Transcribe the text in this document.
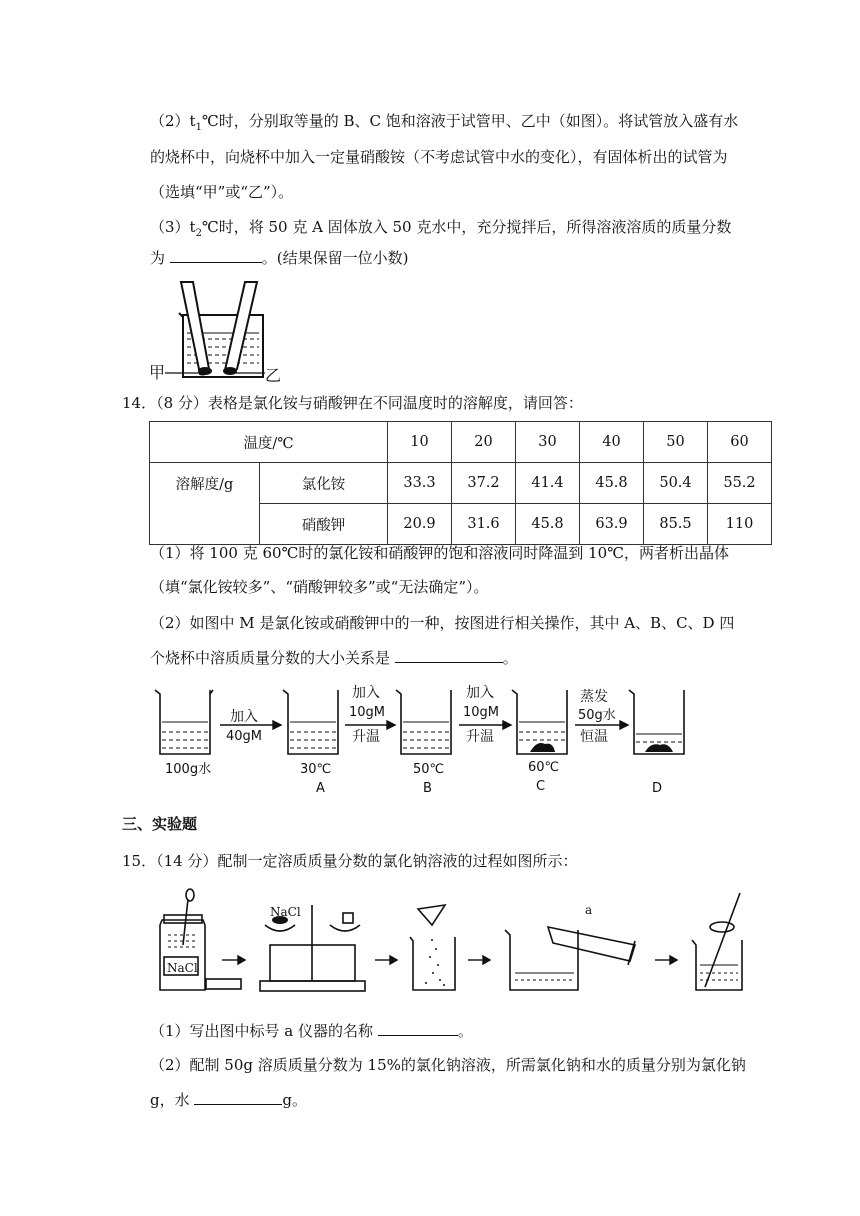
$(2)t_1℃$时，分别取等量的 B、C 饱和溶液于试管甲、乙中（如图）。将试管放入盛有水
的烧杯中，向烧杯中加入一定量硝酸铵（不考虑试管中水的变化），有固体析出的试管为
（选填“甲”或“乙”）。
$(3)t_2℃$时，将 50 克 A 固体放入 50 克水中，充分搅拌后，所得溶液溶质的质量分数
为	。(结果保留一位小数)
甲	乙
14．（8 分）表格是氯化铵与硝酸钾在不同温度时的溶解度，请回答：
温度/℃		10	20	30	40	50	60
溶解度/g	氯化铵	33.3	37.2	41.4	45.8	50.4	55.2
	硝酸钾	20.9	31.6	45.8	63.9	85.5	110
（1）将 100 克 60℃时的氯化铵和硝酸钾的饱和溶液同时降温到 10℃，两者析出晶体
（填“氯化铵较多”、“硝酸钾较多”或“无法确定”）。
（2）如图中 M 是氯化铵或硝酸钾中的一种，按图进行相关操作，其中 A、B、C、D 四
个烧杯中溶质质量分数的大小关系是	。
加入
40gM
加入
10gM
升温
加入
10gM
升温
蒸发
50g水
恒温
100g水	30℃
A
50℃
B
60℃
C	D
三、实验题
15．（14 分）配制一定溶质质量分数的氯化钠溶液的过程如图所示：
NaCl
NaCl
a
（1）写出图中标号 a 仪器的名称	。
（2）配制 50g 溶质质量分数为 15%的氯化钠溶液，所需氯化钠和水的质量分别为氯化钠
g，水	g。
